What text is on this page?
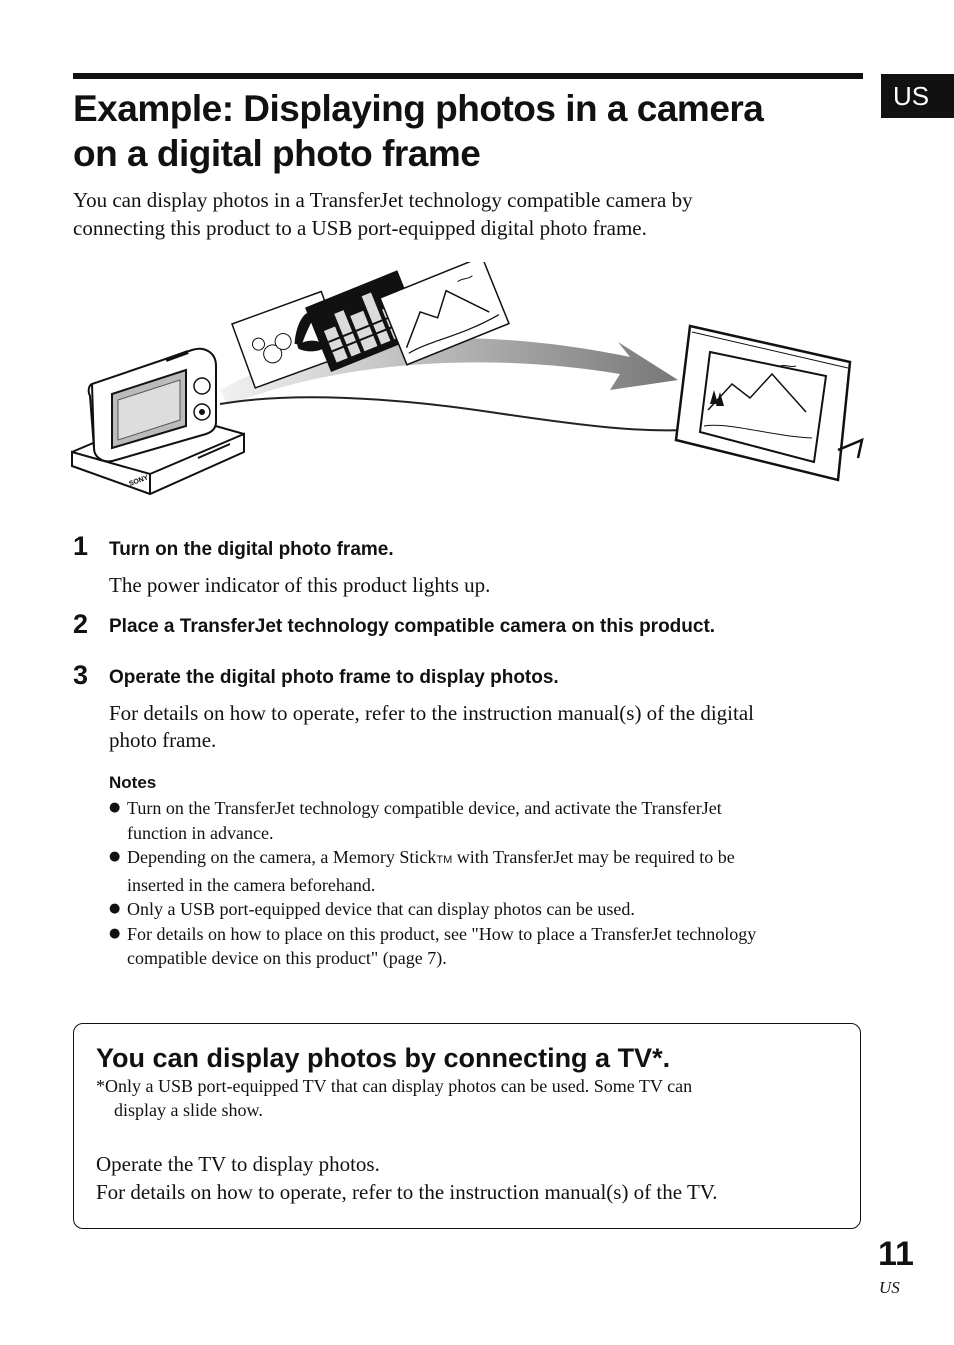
US
Example: Displaying photos in a camera
on a digital photo frame

You can display photos in a TransferJet technology compatible camera by
connecting this product to a USB port-equipped digital photo frame.

SONY
1 Turn on the digital photo frame.

The power indicator of this product lights up.

2 Place a TransferJet technology compatible camera on this product.
3 Operate the digital photo frame to display photos.

For details on how to operate, refer to the instruction manual(s) of the digital
photo frame.

Notes
● Turn on the TransferJet technology compatible device, and activate the TransferJet
function in advance.
● Depending on the camera, a Memory StickTM with TransferJet may be required to be
inserted in the camera beforehand.
● Only a USB port-equipped device that can display photos can be used.
● For details on how to place on this product, see "How to place a TransferJet technology
compatible device on this product" (page 7).
You can display photos by connecting a TV*.

*Only a USB port-equipped TV that can display photos can be used. Some TV can
display a slide show.

Operate the TV to display photos.
For details on how to operate, refer to the instruction manual(s) of the TV.

11
US
